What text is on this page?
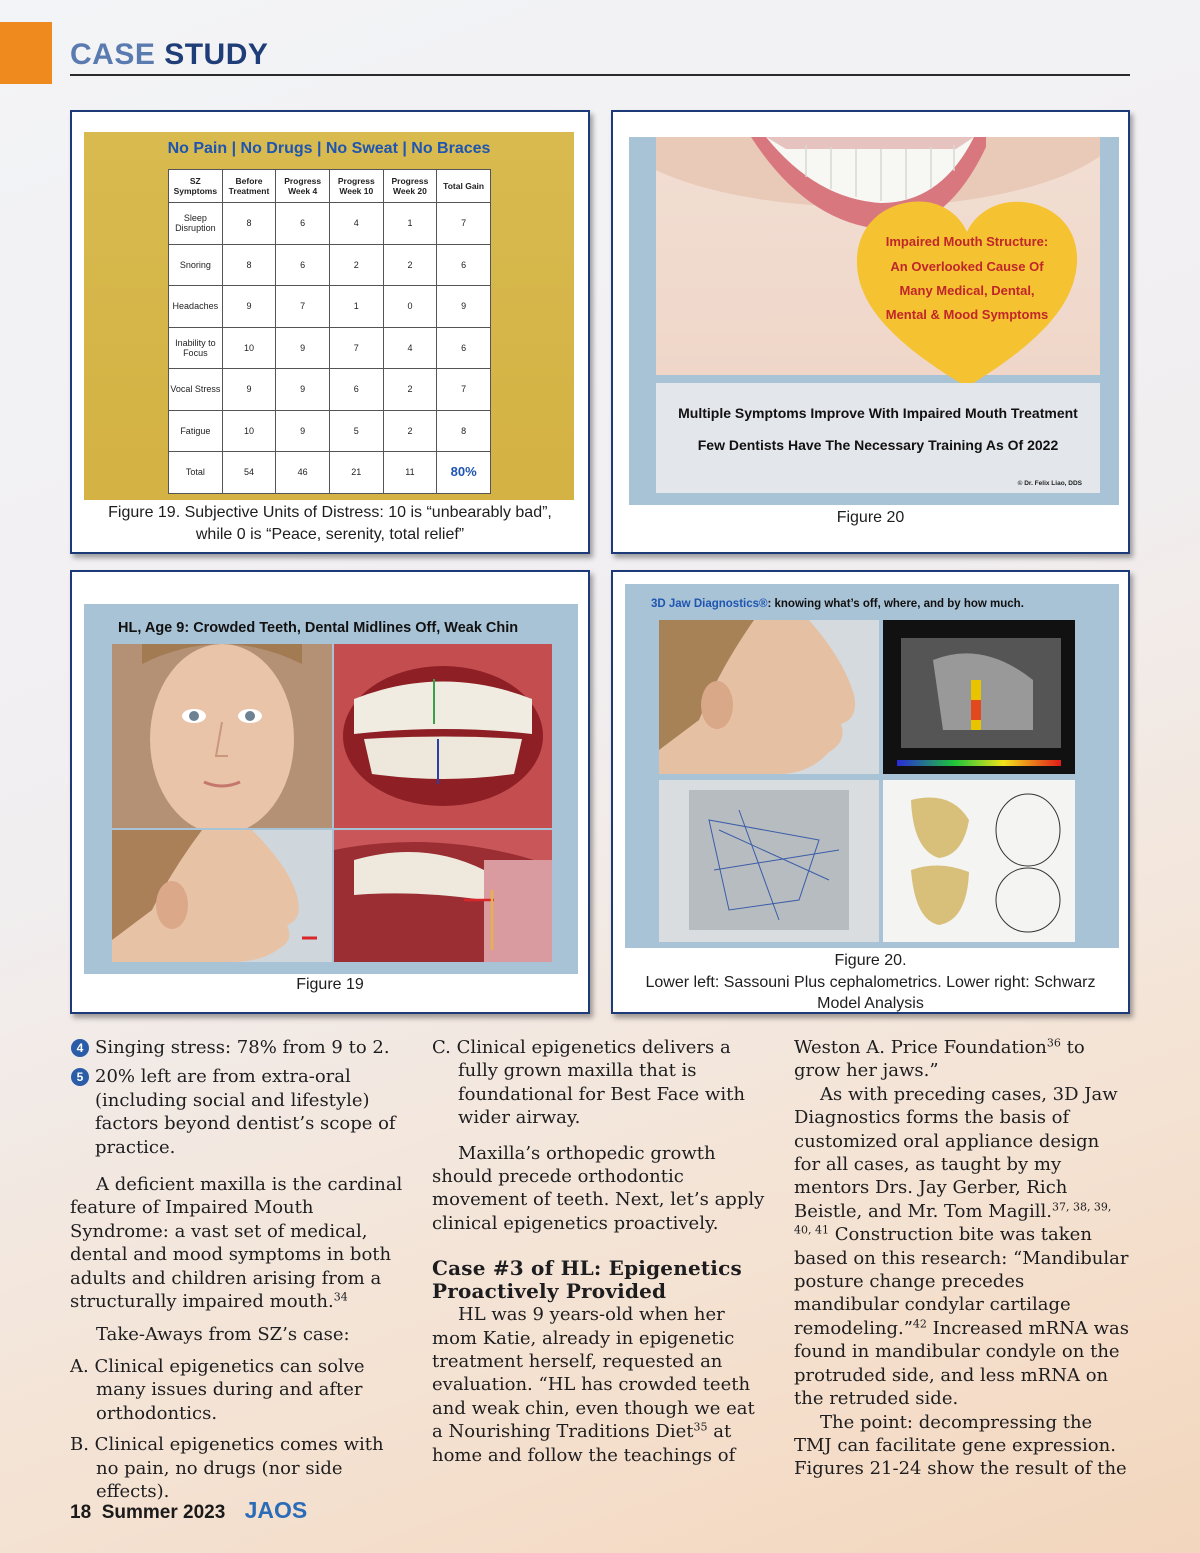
CASE STUDY
No Pain | No Drugs | No Sweat | No Braces
SZ Symptoms	Before Treatment	Progress Week 4	Progress Week 10	Progress Week 20	Total Gain
Sleep Disruption	8	6	4	1	7
Snoring	8	6	2	2	6
Headaches	9	7	1	0	9
Inability to Focus	10	9	7	4	6
Vocal Stress	9	9	6	2	7
Fatigue	10	9	5	2	8
Total	54	46	21	11	80%
Figure 19. Subjective Units of Distress: 10 is “unbearably bad”,
while 0 is “Peace, serenity, total relief”
Impaired Mouth Structure:
An Overlooked Cause Of
Many Medical, Dental,
Mental & Mood Symptoms
Multiple Symptoms Improve With Impaired Mouth Treatment
Few Dentists Have The Necessary Training As Of 2022
© Dr. Felix Liao, DDS
Figure 20
HL, Age 9: Crowded Teeth, Dental Midlines Off, Weak Chin
Figure 19
3D Jaw Diagnostics®: knowing what’s off, where, and by how much.
Figure 20.
Lower left: Sassouni Plus cephalometrics. Lower right: Schwarz
Model Analysis

4 Singing stress: 78% from 9 to 2.

5 20% left are from extra-oral (including social and lifestyle) factors beyond dentist’s scope of practice.

A deficient maxilla is the cardinal feature of Impaired Mouth Syndrome: a vast set of medical, dental and mood symptoms in both adults and children arising from a structurally impaired mouth.$^{34}$

Take-Aways from SZ’s case:

A. Clinical epigenetics can solve many issues during and after orthodontics.

B. Clinical epigenetics comes with no pain, no drugs (nor side effects).

C. Clinical epigenetics delivers a fully grown maxilla that is foundational for Best Face with wider airway.

Maxilla’s orthopedic growth should precede orthodontic movement of teeth. Next, let’s apply clinical epigenetics proactively.

Case #3 of HL: Epigenetics Proactively Provided

HL was 9 years-old when her mom Katie, already in epigenetic treatment herself, requested an evaluation. “HL has crowded teeth and weak chin, even though we eat a Nourishing Traditions Diet$^{35}$ at home and follow the teachings of

Weston A. Price Foundation$^{36}$ to grow her jaws.”

As with preceding cases, 3D Jaw Diagnostics forms the basis of customized oral appliance design for all cases, as taught by my mentors Drs. Jay Gerber, Rich Beistle, and Mr. Tom Magill.$^{37, 38, 39, 40, 41}$ Construction bite was taken based on this research: “Mandibular posture change precedes mandibular condylar cartilage remodeling.”$^{42}$ Increased mRNA was found in mandibular condyle on the protruded side, and less mRNA on the retruded side.

The point: decompressing the TMJ can facilitate gene expression. Figures 21-24 show the result of the

18 Summer 2023 JAOS
